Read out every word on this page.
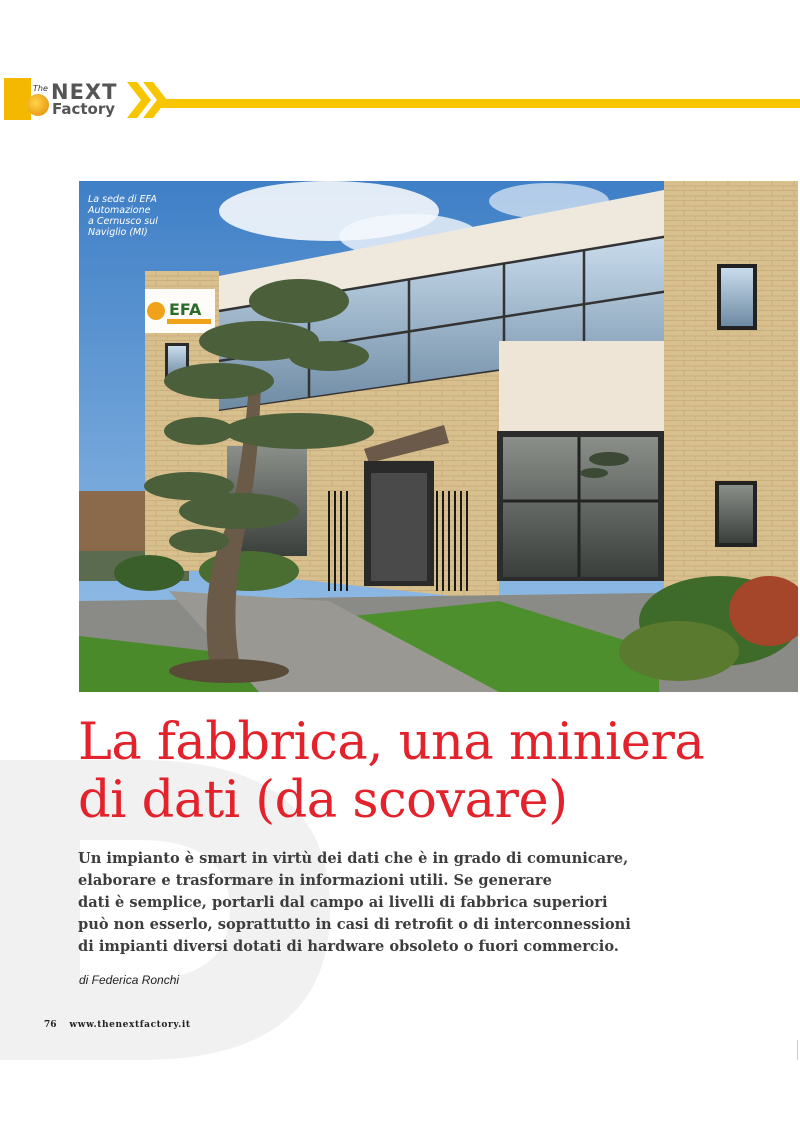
The NEXT
Factory
EFA
La sede di EFA
Automazione
a Cernusco sul
Naviglio (MI)
La fabbrica, una miniera
di dati (da scovare)
Un impianto è smart in virtù dei dati che è in grado di comunicare,
elaborare e trasformare in informazioni utili. Se generare
dati è semplice, portarli dal campo ai livelli di fabbrica superiori
può non esserlo, soprattutto in casi di retrofit o di interconnessioni
di impianti diversi dotati di hardware obsoleto o fuori commercio.
di Federica Ronchi
76 www.thenextfactory.it
